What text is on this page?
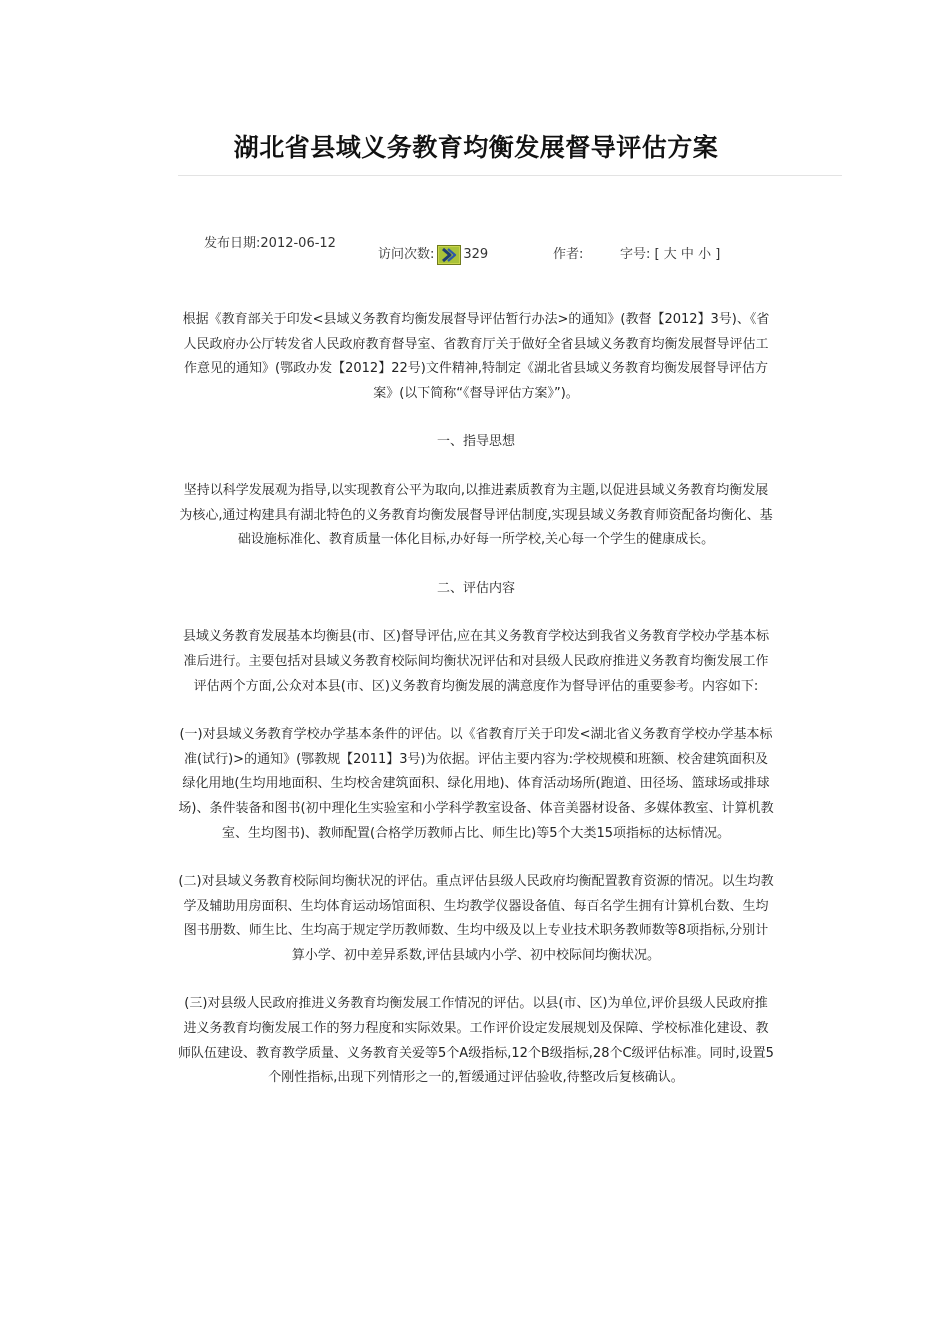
湖北省县域义务教育均衡发展督导评估方案
发布日期:2012-06-12
访问次数: 329	作者:	字号: [ 大 中 小 ]

根据《教育部关于印发<县域义务教育均衡发展督导评估暂行办法>的通知》(教督【2012】3号)、《省人民政府办公厅转发省人民政府教育督导室、省教育厅关于做好全省县域义务教育均衡发展督导评估工作意见的通知》(鄂政办发【2012】22号)文件精神,特制定《湖北省县域义务教育均衡发展督导评估方案》(以下简称“《督导评估方案》”)。

一、指导思想

坚持以科学发展观为指导,以实现教育公平为取向,以推进素质教育为主题,以促进县域义务教育均衡发展为核心,通过构建具有湖北特色的义务教育均衡发展督导评估制度,实现县域义务教育师资配备均衡化、基础设施标准化、教育质量一体化目标,办好每一所学校,关心每一个学生的健康成长。

二、评估内容

县域义务教育发展基本均衡县(市、区)督导评估,应在其义务教育学校达到我省义务教育学校办学基本标准后进行。主要包括对县域义务教育校际间均衡状况评估和对县级人民政府推进义务教育均衡发展工作评估两个方面,公众对本县(市、区)义务教育均衡发展的满意度作为督导评估的重要参考。内容如下:

(一)对县域义务教育学校办学基本条件的评估。以《省教育厅关于印发<湖北省义务教育学校办学基本标准(试行)>的通知》(鄂教规【2011】3号)为依据。评估主要内容为:学校规模和班额、校舍建筑面积及绿化用地(生均用地面积、生均校舍建筑面积、绿化用地)、体育活动场所(跑道、田径场、篮球场或排球场)、条件装备和图书(初中理化生实验室和小学科学教室设备、体音美器材设备、多媒体教室、计算机教室、生均图书)、教师配置(合格学历教师占比、师生比)等5个大类15项指标的达标情况。

(二)对县域义务教育校际间均衡状况的评估。重点评估县级人民政府均衡配置教育资源的情况。以生均教学及辅助用房面积、生均体育运动场馆面积、生均教学仪器设备值、每百名学生拥有计算机台数、生均图书册数、师生比、生均高于规定学历教师数、生均中级及以上专业技术职务教师数等8项指标,分别计算小学、初中差异系数,评估县域内小学、初中校际间均衡状况。

(三)对县级人民政府推进义务教育均衡发展工作情况的评估。以县(市、区)为单位,评价县级人民政府推进义务教育均衡发展工作的努力程度和实际效果。工作评价设定发展规划及保障、学校标准化建设、教师队伍建设、教育教学质量、义务教育关爱等5个A级指标,12个B级指标,28个C级评估标准。同时,设置5个刚性指标,出现下列情形之一的,暂缓通过评估验收,待整改后复核确认。
